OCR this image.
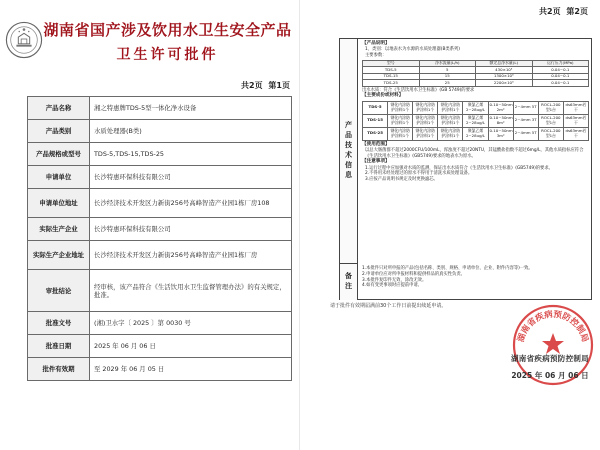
湖南省国产涉及饮用水卫生安全产品
卫生许可批件
共2页 第1页
产品名称	湘之特惠牌TDS-5型一体化净水设备
产品类别	水质处理器(B类)
产品规格或型号	TDS-5,TDS-15,TDS-25
申请单位	长沙特惠环保科技有限公司
申请单位地址	长沙经济技术开发区力新街256号高峰智造产业园1栋厂房108
实际生产企业	长沙特惠环保科技有限公司
实际生产企业地址	长沙经济技术开发区力新街256号高峰智造产业园1栋厂房
审批结论	经审核，该产品符合《生活饮用水卫生监督管理办法》的有关规定，批准。
批准文号	(湘)卫水字〔 2025 〕第 0030 号
批准日期	2025 年 06 月 06 日
批件有效期	至 2029 年 06 月 05 日
共2页 第2页
产品技术信息
备注
【产品说明】
1、类别：以地表水为水源的水质处理器(B类系列)
主要参数：
型号	净水流量(L/h)	额定总净水量(L)	运行压力(MPa)
TDS-5	5	430×10³	0.04~0.1
TDS-15	15	1300×10³	0.04~0.1
TDS-25	25	2200×10³	0.04~0.1
出水水质：符合《生活饮用水卫生标准》(GB 5749)的要求
【主要成份或材料】
TDS-5	钢化内涂防护涂料1个	钢化内涂防护涂料1个	钢化内涂防护涂料1个	聚氯乙烯2~28ug/L	0.10~50nm 2m²	2~4mm 5T	ROCL-200型1台	ds63mm若干
TDS-15	钢化内涂防护涂料1个	钢化内涂防护涂料1个	钢化内涂防护涂料1个	聚氯乙烯2~28ug/L	0.10~50nm 8m²	2~4mm 3T	ROCL-200型1台	ds63mm若干
TDS-25	钢化内涂防护涂料1个	钢化内涂防护涂料1个	钢化内涂防护涂料1个	聚氯乙烯2~28ug/L	0.10~50nm 3m²	2~4mm 5T	ROCL-200型1台	ds63mm若干
【使用范围】
以总大肠菌群不超过2000CFU/100mL，浑浊度不超过20NTU，其锰酸盐指数不超过6mg/L，其他水质指标应符合《生活饮用水卫生标准》(GB5749)要求的地表水为原水。
【注意事项】
1.运行过程中应加强对水质的监测，保证出水水质符合《生活饮用水卫生标准》(GB5749)的要求。
2.不得用未经处理过的原水不得用于清洗水质处理设备。
3.应按产品说明书规定及时更换滤芯。
1.本批件只对所申报的产品(包括名称、类别、规格、申请单位、企业、附件内容等)一致。
2.申请单位应对所申报材料和提供样品的真实性负责。
3.本批件复印件无效，涂改无效。
4.如有变更事项时应提前申请。
请于批件有效期届满前30个工作日前提出续延申请。
湖南省疾病预防控制局
湖南省疾病预防控制局
2025 年 06 月 06 日
